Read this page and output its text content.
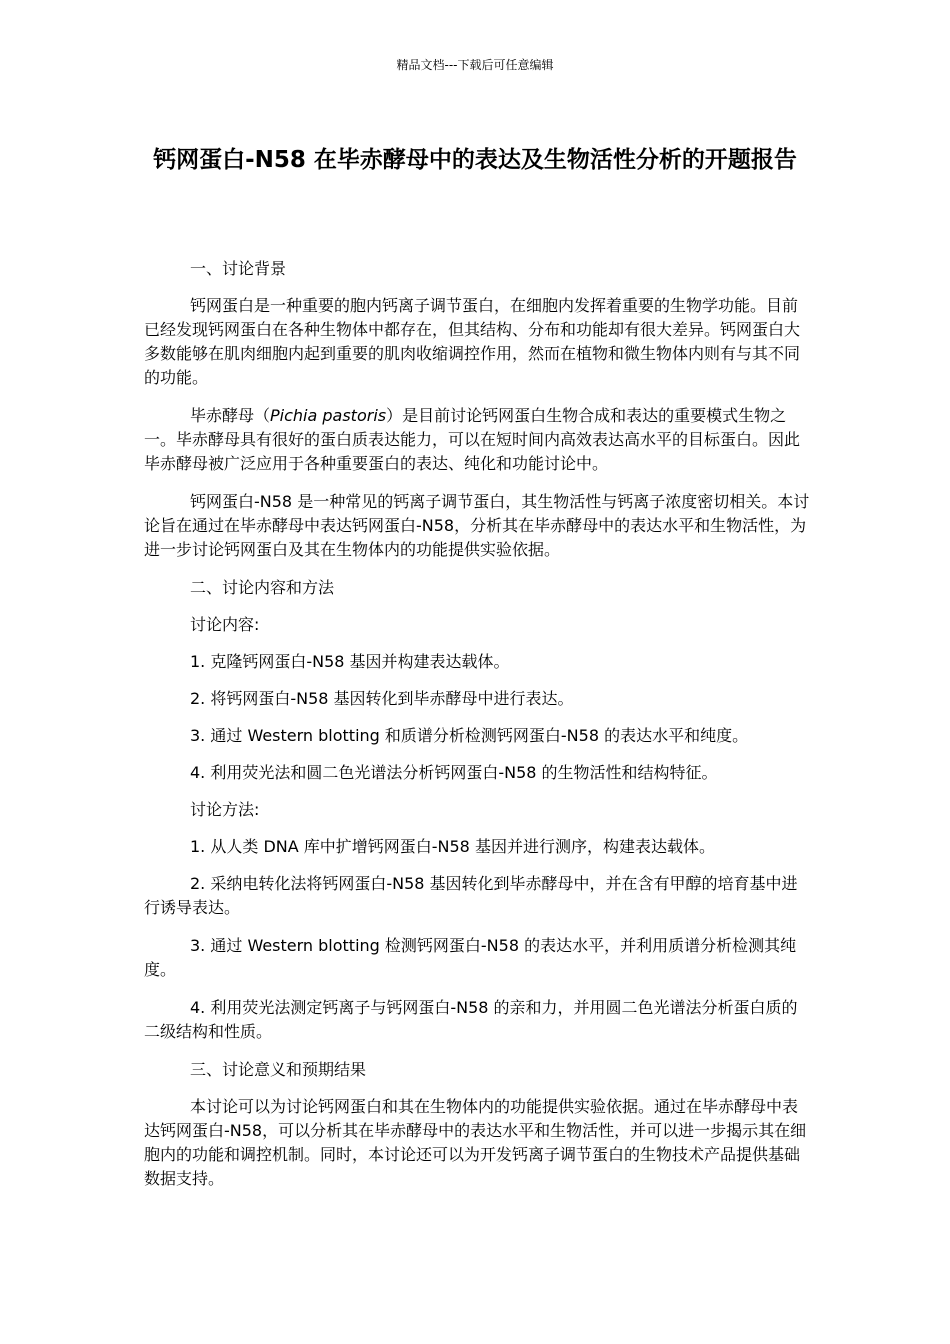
精品文档---下载后可任意编辑
钙网蛋白-N58 在毕赤酵母中的表达及生物活性分析的开题报告

一、讨论背景

钙网蛋白是一种重要的胞内钙离子调节蛋白，在细胞内发挥着重要的生物学功能。目前已经发现钙网蛋白在各种生物体中都存在，但其结构、分布和功能却有很大差异。钙网蛋白大多数能够在肌肉细胞内起到重要的肌肉收缩调控作用，然而在植物和微生物体内则有与其不同的功能。

毕赤酵母（Pichia pastoris）是目前讨论钙网蛋白生物合成和表达的重要模式生物之一。毕赤酵母具有很好的蛋白质表达能力，可以在短时间内高效表达高水平的目标蛋白。因此毕赤酵母被广泛应用于各种重要蛋白的表达、纯化和功能讨论中。

钙网蛋白-N58 是一种常见的钙离子调节蛋白，其生物活性与钙离子浓度密切相关。本讨论旨在通过在毕赤酵母中表达钙网蛋白-N58，分析其在毕赤酵母中的表达水平和生物活性，为进一步讨论钙网蛋白及其在生物体内的功能提供实验依据。

二、讨论内容和方法

讨论内容:

1. 克隆钙网蛋白-N58 基因并构建表达载体。

2. 将钙网蛋白-N58 基因转化到毕赤酵母中进行表达。

3. 通过 Western blotting 和质谱分析检测钙网蛋白-N58 的表达水平和纯度。

4. 利用荧光法和圆二色光谱法分析钙网蛋白-N58 的生物活性和结构特征。

讨论方法:

1. 从人类 DNA 库中扩增钙网蛋白-N58 基因并进行测序，构建表达载体。

2. 采纳电转化法将钙网蛋白-N58 基因转化到毕赤酵母中，并在含有甲醇的培育基中进行诱导表达。

3. 通过 Western blotting 检测钙网蛋白-N58 的表达水平，并利用质谱分析检测其纯度。

4. 利用荧光法测定钙离子与钙网蛋白-N58 的亲和力，并用圆二色光谱法分析蛋白质的二级结构和性质。

三、讨论意义和预期结果

本讨论可以为讨论钙网蛋白和其在生物体内的功能提供实验依据。通过在毕赤酵母中表达钙网蛋白-N58，可以分析其在毕赤酵母中的表达水平和生物活性，并可以进一步揭示其在细胞内的功能和调控机制。同时，本讨论还可以为开发钙离子调节蛋白的生物技术产品提供基础数据支持。
